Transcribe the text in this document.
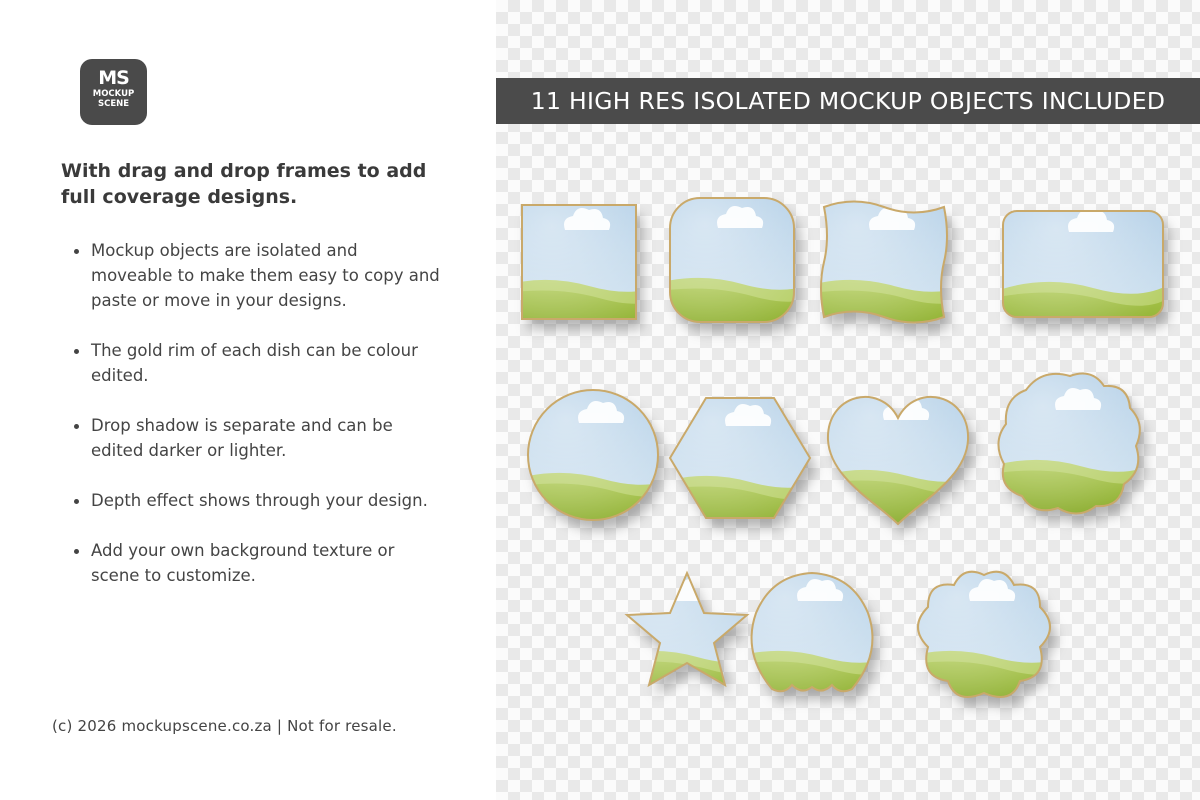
MS
MOCKUP
SCENE
With drag and drop frames to add full coverage designs.
Mockup objects are isolated and moveable to make them easy to copy and paste or move in your designs.
The gold rim of each dish can be colour edited.
Drop shadow is separate and can be edited darker or lighter.
Depth effect shows through your design.
Add your own background texture or scene to customize.
(c) 2026 mockupscene.co.za | Not for resale.
11 HIGH RES ISOLATED MOCKUP OBJECTS INCLUDED
